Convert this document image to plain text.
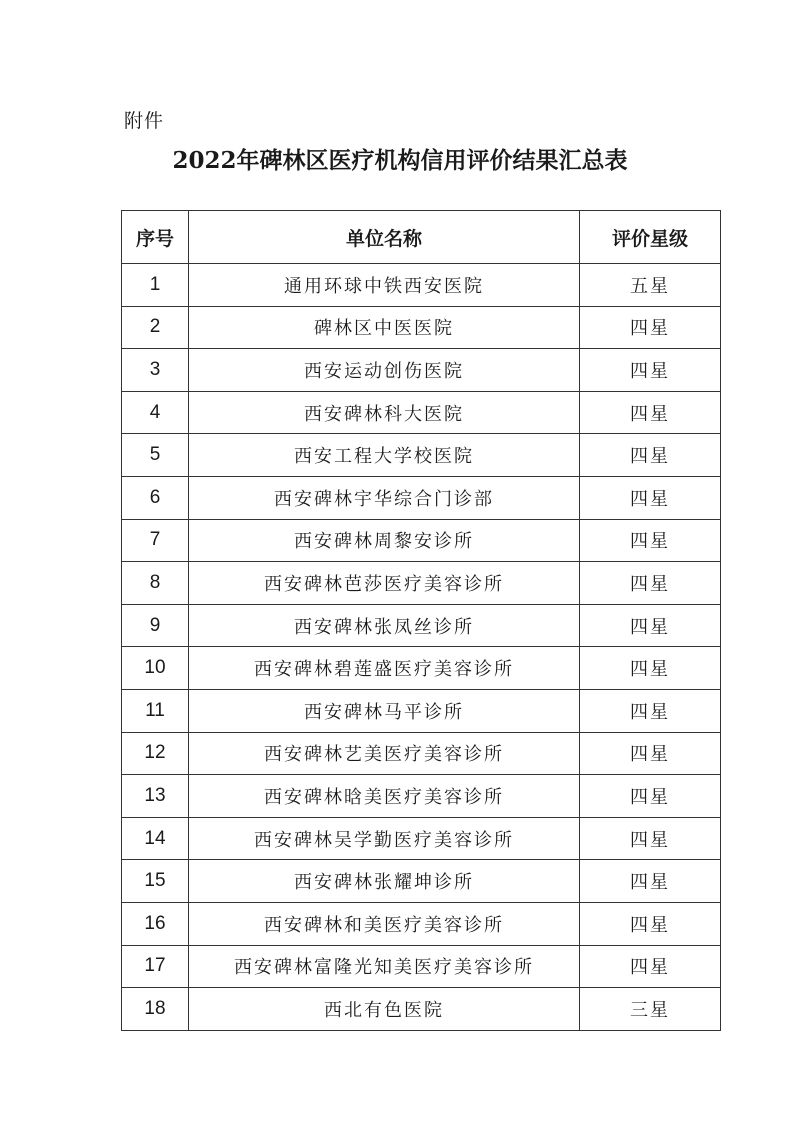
附件
2022年碑林区医疗机构信用评价结果汇总表
序号	单位名称	评价星级
1	通用环球中铁西安医院	五星
2	碑林区中医医院	四星
3	西安运动创伤医院	四星
4	西安碑林科大医院	四星
5	西安工程大学校医院	四星
6	西安碑林宇华综合门诊部	四星
7	西安碑林周黎安诊所	四星
8	西安碑林芭莎医疗美容诊所	四星
9	西安碑林张凤丝诊所	四星
10	西安碑林碧莲盛医疗美容诊所	四星
11	西安碑林马平诊所	四星
12	西安碑林艺美医疗美容诊所	四星
13	西安碑林晗美医疗美容诊所	四星
14	西安碑林吴学勤医疗美容诊所	四星
15	西安碑林张耀坤诊所	四星
16	西安碑林和美医疗美容诊所	四星
17	西安碑林富隆光知美医疗美容诊所	四星
18	西北有色医院	三星
